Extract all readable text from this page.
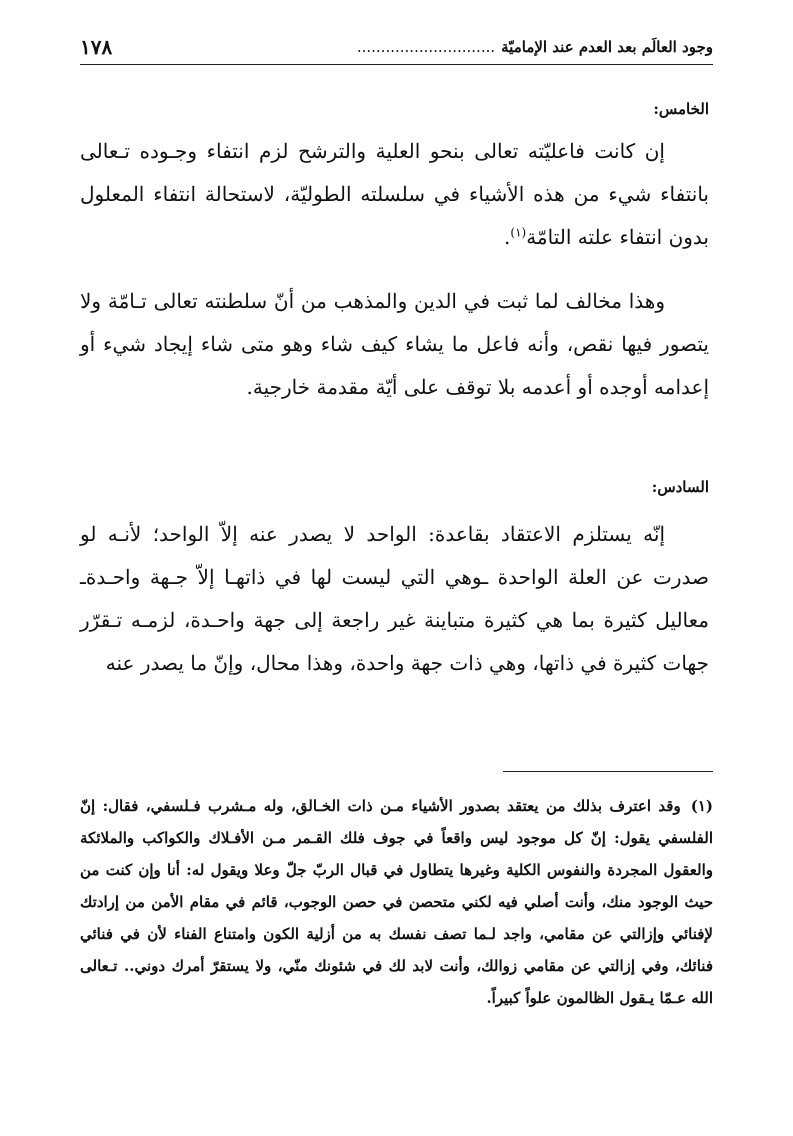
وجود العالَم بعد العدم عند الإماميّة.............................
١٧٨
الخامس:

إن كانت فاعليّته تعالى بنحو العلية والترشح لزم انتفاء وجـوده تـعالى بانتفاء شيء من هذه الأشياء في سلسلته الطوليّة، لاستحالة انتفاء المعلول بدون انتفاء علته التامّة$^{(١)}$.

وهذا مخالف لما ثبت في الدين والمذهب من أنّ سلطنته تعالى تـامّة ولا يتصور فيها نقص، وأنه فاعل ما يشاء كيف شاء وهو متى شاء إيجاد شيء أو إعدامه أوجده أو أعدمه بلا توقف على أيّة مقدمة خارجية.

السادس:

إنّه يستلزم الاعتقاد بقاعدة: الواحد لا يصدر عنه إلاّ الواحد؛ لأنـه لو صدرت عن العلة الواحدة ـوهي التي ليست لها في ذاتهـا إلاّ جـهة واحـدةـ معاليل كثيرة بما هي كثيرة متباينة غير راجعة إلى جهة واحـدة، لزمـه تـقرّر جهات كثيرة في ذاتها، وهي ذات جهة واحدة، وهذا محال، وإنّ ما يصدر عنه

(١)وقد اعترف بذلك من يعتقد بصدور الأشياء مـن ذات الخـالق، وله مـشرب فـلسفي، فقال: إنّ الفلسفي يقول: إنّ كل موجود ليس واقعاً في جوف فلك القـمر مـن الأفـلاك والكواكب والملائكة والعقول المجردة والنفوس الكلية وغيرها يتطاول في قبال الربّ جلّ وعلا ويقول له: أنا وإن كنت من حيث الوجود منك، وأنت أصلي فيه لكني متحصن في حصن الوجوب، قائم في مقام الأمن من إرادتك لإفنائي وإزالتي عن مقامي، واجد لـما تصف نفسك به من أزلية الكون وامتناع الفناء لأن في فنائي فنائك، وفي إزالتي عن مقامي زوالك، وأنت لابد لك في شئونك منّي، ولا يستقرّ أمرك دوني.. تـعالى الله عـمّا يـقول الظالمون علواً كبيراً.
